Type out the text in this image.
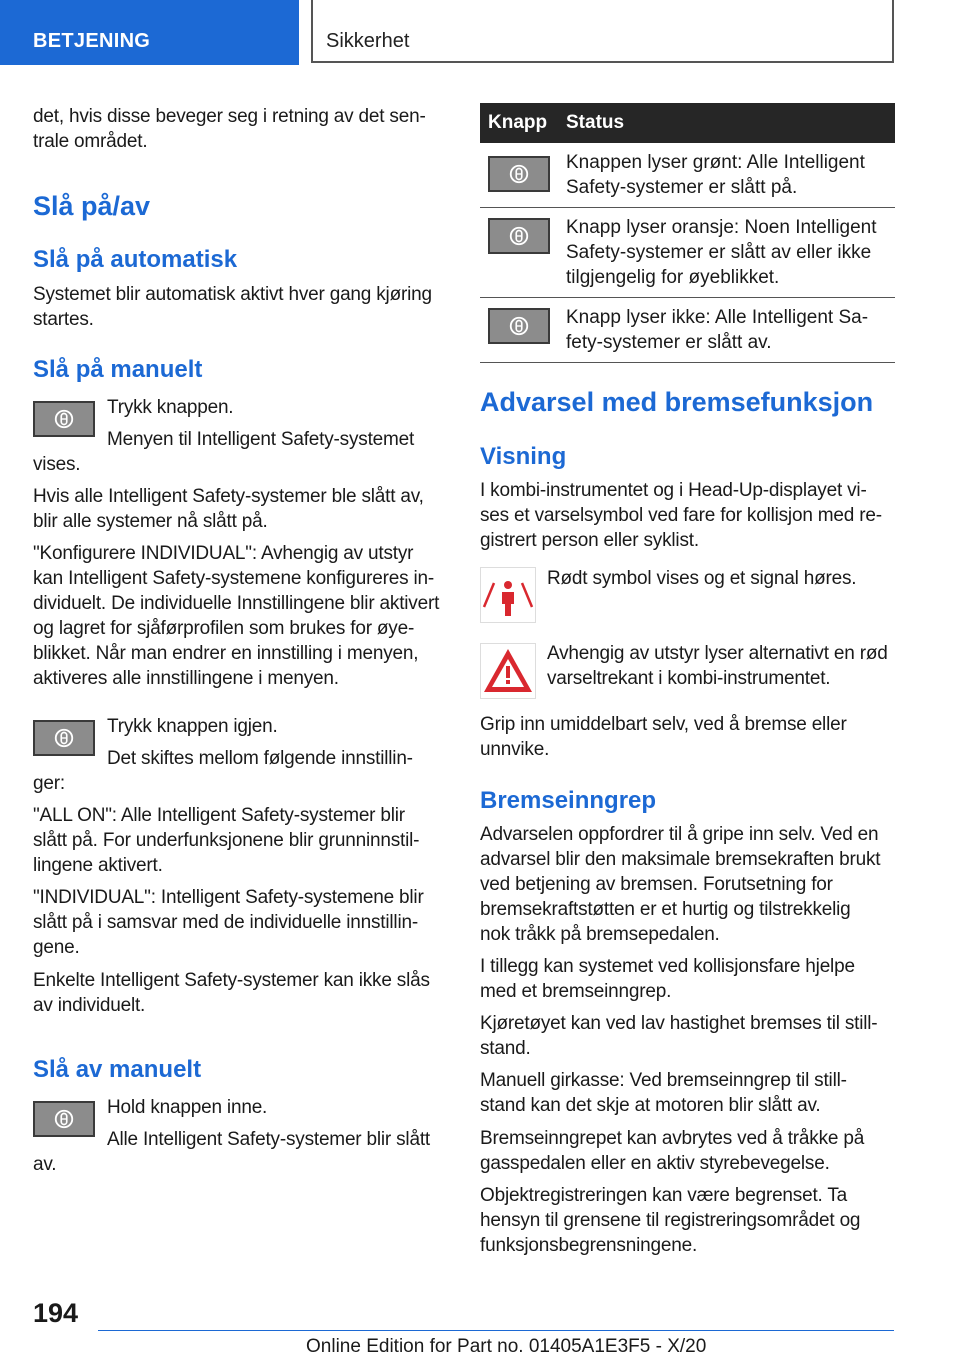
BETJENING	Sikkerhet

det, hvis disse beveger seg i retning av det sen-
trale området.

Slå på/av
Slå på automatisk

Systemet blir automatisk aktivt hver gang kjøring
startes.

Slå på manuelt

Trykk knappen.

Menyen til Intelligent Safety-systemet

vises.

Hvis alle Intelligent Safety-systemer ble slått av,
blir alle systemer nå slått på.

"Konfigurere INDIVIDUAL": Avhengig av utstyr
kan Intelligent Safety-systemene konfigureres in-
dividuelt. De individuelle Innstillingene blir aktivert
og lagret for sjåførprofilen som brukes for øye-
blikket. Når man endrer en innstilling i menyen,
aktiveres alle innstillingene i menyen.

Trykk knappen igjen.

Det skiftes mellom følgende innstillin-

ger:

"ALL ON": Alle Intelligent Safety-systemer blir
slått på. For underfunksjonene blir grunninnstil-
lingene aktivert.

"INDIVIDUAL": Intelligent Safety-systemene blir
slått på i samsvar med de individuelle innstillin-
gene.

Enkelte Intelligent Safety-systemer kan ikke slås
av individuelt.

Slå av manuelt

Hold knappen inne.

Alle Intelligent Safety-systemer blir slått

av.

Knapp	Status

Knappen lyser grønt: Alle Intelligent
Safety-systemer er slått på.

Knapp lyser oransje: Noen Intelligent
Safety-systemer er slått av eller ikke
tilgjengelig for øyeblikket.

Knapp lyser ikke: Alle Intelligent Sa-
fety-systemer er slått av.
Advarsel med bremsefunksjon
Visning

I kombi-instrumentet og i Head-Up-displayet vi-
ses et varselsymbol ved fare for kollisjon med re-
gistrert person eller syklist.

Rødt symbol vises og et signal høres.

Avhengig av utstyr lyser alternativt en rød
varseltrekant i kombi-instrumentet.

Grip inn umiddelbart selv, ved å bremse eller
unnvike.

Bremseinngrep

Advarselen oppfordrer til å gripe inn selv. Ved en
advarsel blir den maksimale bremsekraften brukt
ved betjening av bremsen. Forutsetning for
bremsekraftstøtten er et hurtig og tilstrekkelig
nok tråkk på bremsepedalen.

I tillegg kan systemet ved kollisjonsfare hjelpe
med et bremseinngrep.

Kjøretøyet kan ved lav hastighet bremses til still-
stand.

Manuell girkasse: Ved bremseinngrep til still-
stand kan det skje at motoren blir slått av.

Bremseinngrepet kan avbrytes ved å tråkke på
gasspedalen eller en aktiv styrebevegelse.

Objektregistreringen kan være begrenset. Ta
hensyn til grensene til registreringsområdet og
funksjonsbegrensningene.

194
Online Edition for Part no. 01405A1E3F5 - X/20
